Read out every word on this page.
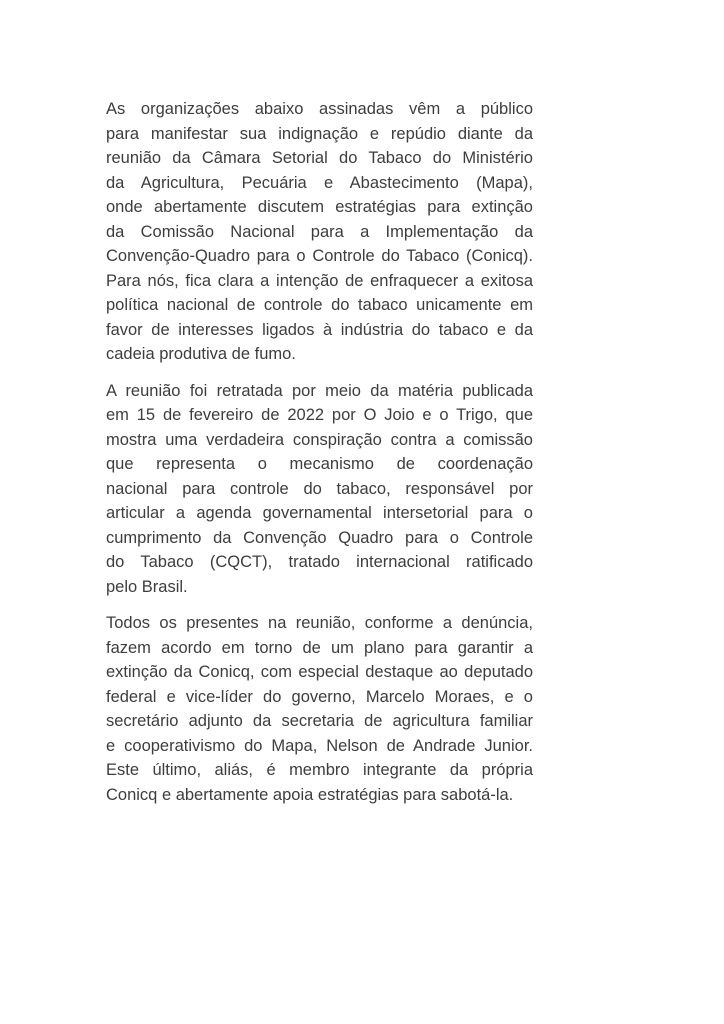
As organizações abaixo assinadas vêm a público
para manifestar sua indignação e repúdio diante da
reunião da Câmara Setorial do Tabaco do Ministério
da Agricultura, Pecuária e Abastecimento (Mapa),
onde abertamente discutem estratégias para extinção
da Comissão Nacional para a Implementação da
Convenção-Quadro para o Controle do Tabaco (Conicq).
Para nós, fica clara a intenção de enfraquecer a exitosa
política nacional de controle do tabaco unicamente em
favor de interesses ligados à indústria do tabaco e da
cadeia produtiva de fumo.
A reunião foi retratada por meio da matéria publicada
em 15 de fevereiro de 2022 por O Joio e o Trigo, que
mostra uma verdadeira conspiração contra a comissão
que representa o mecanismo de coordenação
nacional para controle do tabaco, responsável por
articular a agenda governamental intersetorial para o
cumprimento da Convenção Quadro para o Controle
do Tabaco (CQCT), tratado internacional ratificado
pelo Brasil.
Todos os presentes na reunião, conforme a denúncia,
fazem acordo em torno de um plano para garantir a
extinção da Conicq, com especial destaque ao deputado
federal e vice-líder do governo, Marcelo Moraes, e o
secretário adjunto da secretaria de agricultura familiar
e cooperativismo do Mapa, Nelson de Andrade Junior.
Este último, aliás, é membro integrante da própria
Conicq e abertamente apoia estratégias para sabotá-la.
